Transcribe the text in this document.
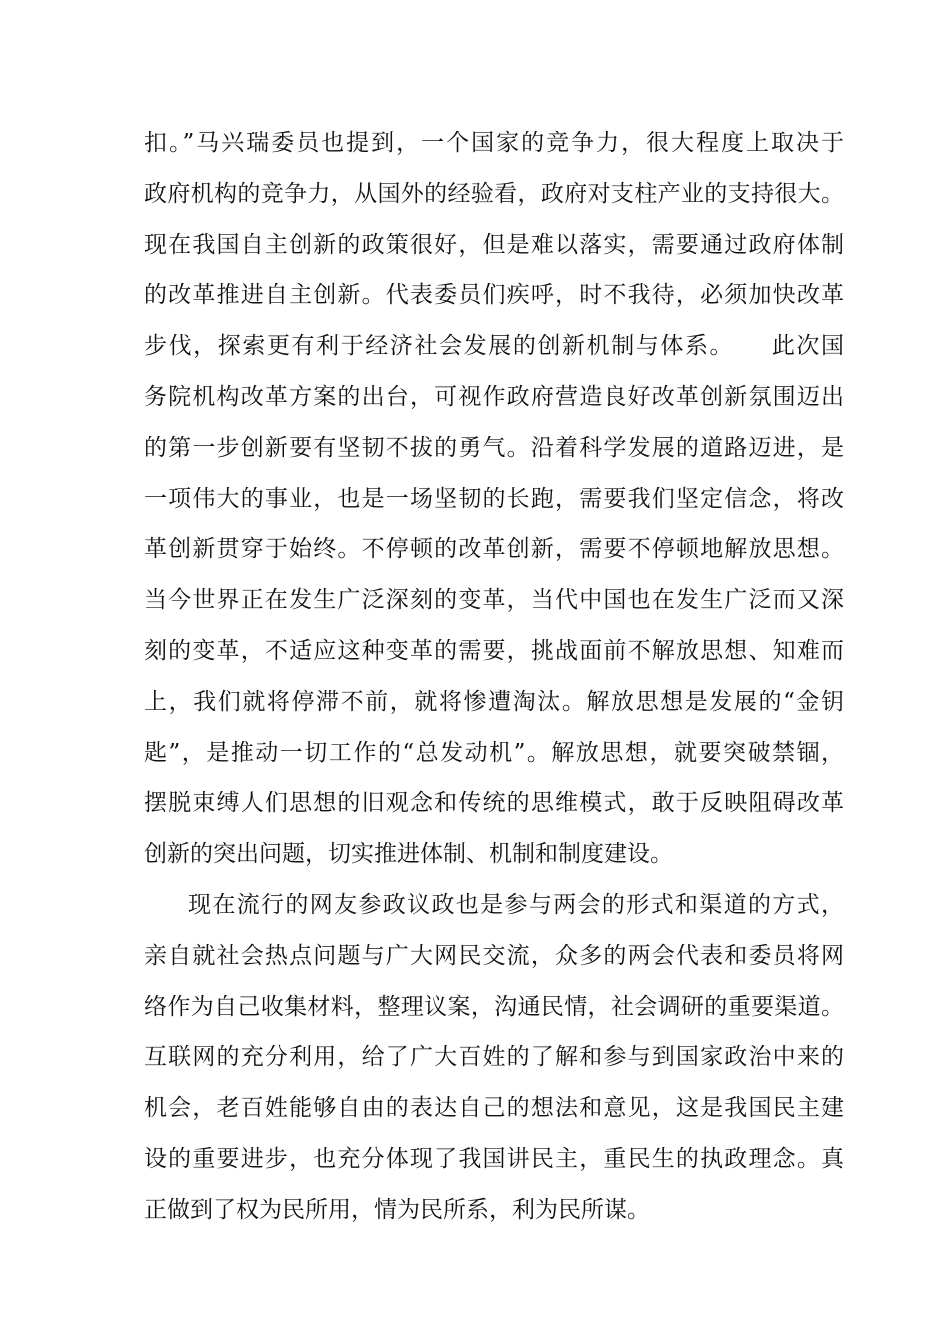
扣。”马兴瑞委员也提到，一个国家的竞争力，很大程度上取决于
政府机构的竞争力，从国外的经验看，政府对支柱产业的支持很大。
现在我国自主创新的政策很好，但是难以落实，需要通过政府体制
的改革推进自主创新。代表委员们疾呼，时不我待，必须加快改革
步伐，探索更有利于经济社会发展的创新机制与体系。　　此次国
务院机构改革方案的出台，可视作政府营造良好改革创新氛围迈出
的第一步创新要有坚韧不拔的勇气。沿着科学发展的道路迈进，是
一项伟大的事业，也是一场坚韧的长跑，需要我们坚定信念，将改
革创新贯穿于始终。不停顿的改革创新，需要不停顿地解放思想。
当今世界正在发生广泛深刻的变革，当代中国也在发生广泛而又深
刻的变革，不适应这种变革的需要，挑战面前不解放思想、知难而
上，我们就将停滞不前，就将惨遭淘汰。解放思想是发展的“金钥
匙”，是推动一切工作的“总发动机”。解放思想，就要突破禁锢，
摆脱束缚人们思想的旧观念和传统的思维模式，敢于反映阻碍改革
创新的突出问题，切实推进体制、机制和制度建设。
现在流行的网友参政议政也是参与两会的形式和渠道的方式，
亲自就社会热点问题与广大网民交流，众多的两会代表和委员将网
络作为自己收集材料，整理议案，沟通民情，社会调研的重要渠道。
互联网的充分利用，给了广大百姓的了解和参与到国家政治中来的
机会，老百姓能够自由的表达自己的想法和意见，这是我国民主建
设的重要进步，也充分体现了我国讲民主，重民生的执政理念。真
正做到了权为民所用，情为民所系，利为民所谋。
